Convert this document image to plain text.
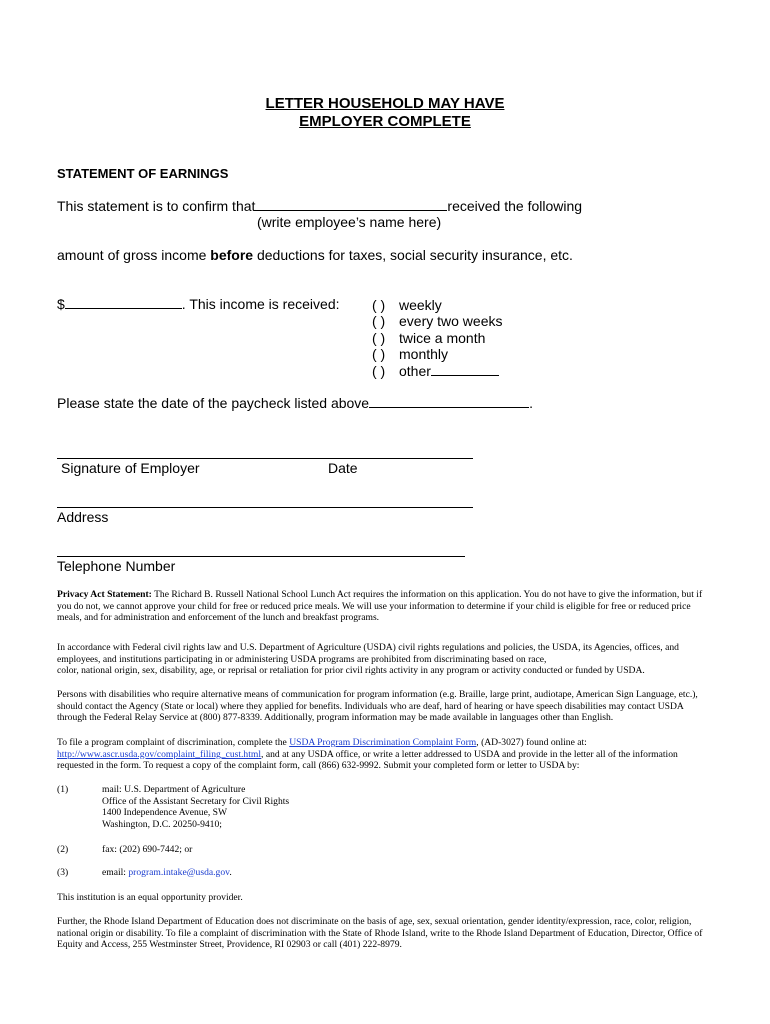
LETTER HOUSEHOLD MAY HAVE
EMPLOYER COMPLETE
STATEMENT OF EARNINGS
This statement is to confirm that	received the following
(write employee’s name here)
amount of gross income before deductions for taxes, social security insurance, etc.
$	. This income is received: ( ) weekly
( ) every two weeks
( ) twice a month
( ) monthly
( ) other
Please state the date of the paycheck listed above	.
Signature of Employer	Date
Address
Telephone Number
Privacy Act Statement: The Richard B. Russell National School Lunch Act requires the information on this application. You do not have to give the information, but if you do not, we cannot approve your child for free or reduced price meals. We will use your information to determine if your child is eligible for free or reduced price meals, and for administration and enforcement of the lunch and breakfast programs.
In accordance with Federal civil rights law and U.S. Department of Agriculture (USDA) civil rights regulations and policies, the USDA, its Agencies, offices, and employees, and institutions participating in or administering USDA programs are prohibited from discriminating based on race,
color, national origin, sex, disability, age, or reprisal or retaliation for prior civil rights activity in any program or activity conducted or funded by USDA.
Persons with disabilities who require alternative means of communication for program information (e.g. Braille, large print, audiotape, American Sign Language, etc.), should contact the Agency (State or local) where they applied for benefits. Individuals who are deaf, hard of hearing or have speech disabilities may contact USDA through the Federal Relay Service at (800) 877-8339. Additionally, program information may be made available in languages other than English.
To file a program complaint of discrimination, complete the USDA Program Discrimination Complaint Form, (AD-3027) found online at: http://www.ascr.usda.gov/complaint_filing_cust.html, and at any USDA office, or write a letter addressed to USDA and provide in the letter all of the information requested in the form. To request a copy of the complaint form, call (866) 632-9992. Submit your completed form or letter to USDA by:
(1)	mail: U.S. Department of Agriculture
Office of the Assistant Secretary for Civil Rights
1400 Independence Avenue, SW
Washington, D.C. 20250-9410;
(2)	fax: (202) 690-7442; or
(3)	email: program.intake@usda.gov.
This institution is an equal opportunity provider.
Further, the Rhode Island Department of Education does not discriminate on the basis of age, sex, sexual orientation, gender identity/expression, race, color, religion, national origin or disability. To file a complaint of discrimination with the State of Rhode Island, write to the Rhode Island Department of Education, Director, Office of Equity and Access, 255 Westminster Street, Providence, RI 02903 or call (401) 222-8979.
